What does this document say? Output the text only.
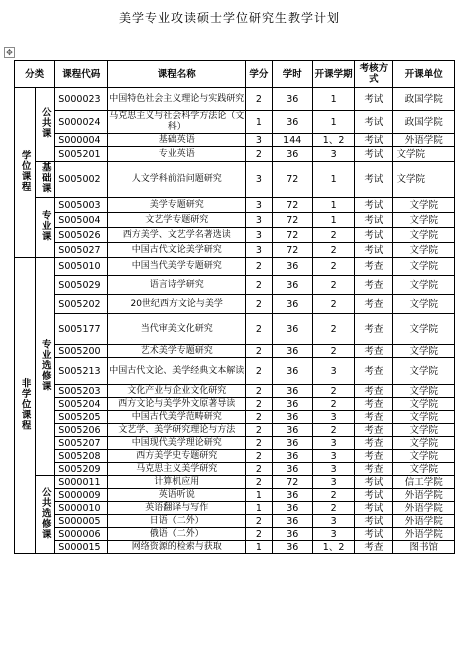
美学专业攻读硕士学位研究生教学计划
✥
分类		课程代码	课程名称	学分	学时	开课学期	考核方式	开课单位
学位课程	公共课	S000023	中国特色社会主义理论与实践研究	2	36	1	考试	政国学院
		S000024	马克思主义与社会科学方法论（文科）	1	36	1	考试	政国学院
		S000004	基础英语	3	144	1、2	考试	外语学院
		S005201	专业英语	2	36	3	考试	文学院
	基础课	S005002	人文学科前沿问题研究	3	72	1	考试	文学院
	专业课	S005003	美学专题研究	3	72	1	考试	文学院
		S005004	文艺学专题研究	3	72	1	考试	文学院
		S005026	西方美学、文艺学名著选读	3	72	2	考试	文学院
		S005027	中国古代文论美学研究	3	72	2	考试	文学院
非学位课程	专业选修课	S005010	中国当代美学专题研究	2	36	2	考查	文学院
		S005029	语言诗学研究	2	36	2	考查	文学院
		S005202	20世纪西方文论与美学	2	36	2	考查	文学院
		S005177	当代审美文化研究	2	36	2	考查	文学院
		S005200	艺术美学专题研究	2	36	2	考查	文学院
		S005213	中国古代文论、美学经典文本解读	2	36	3	考查	文学院
		S005203	文化产业与企业文化研究	2	36	2	考查	文学院
		S005204	西方文论与美学外文原著导读	2	36	2	考查	文学院
		S005205	中国古代美学范畴研究	2	36	3	考查	文学院
		S005206	文艺学、美学研究理论与方法	2	36	2	考查	文学院
		S005207	中国现代美学理论研究	2	36	3	考查	文学院
		S005208	西方美学史专题研究	2	36	3	考查	文学院
		S005209	马克思主义美学研究	2	36	3	考查	文学院
	公共选修课	S000011	计算机应用	2	72	3	考试	信工学院
		S000009	英语听说	1	36	2	考试	外语学院
		S000010	英语翻译与写作	1	36	2	考试	外语学院
		S000005	日语（二外）	2	36	3	考试	外语学院
		S000006	俄语（二外）	2	36	3	考试	外语学院
		S000015	网络资源的检索与获取	1	36	1、2	考查	图书馆
